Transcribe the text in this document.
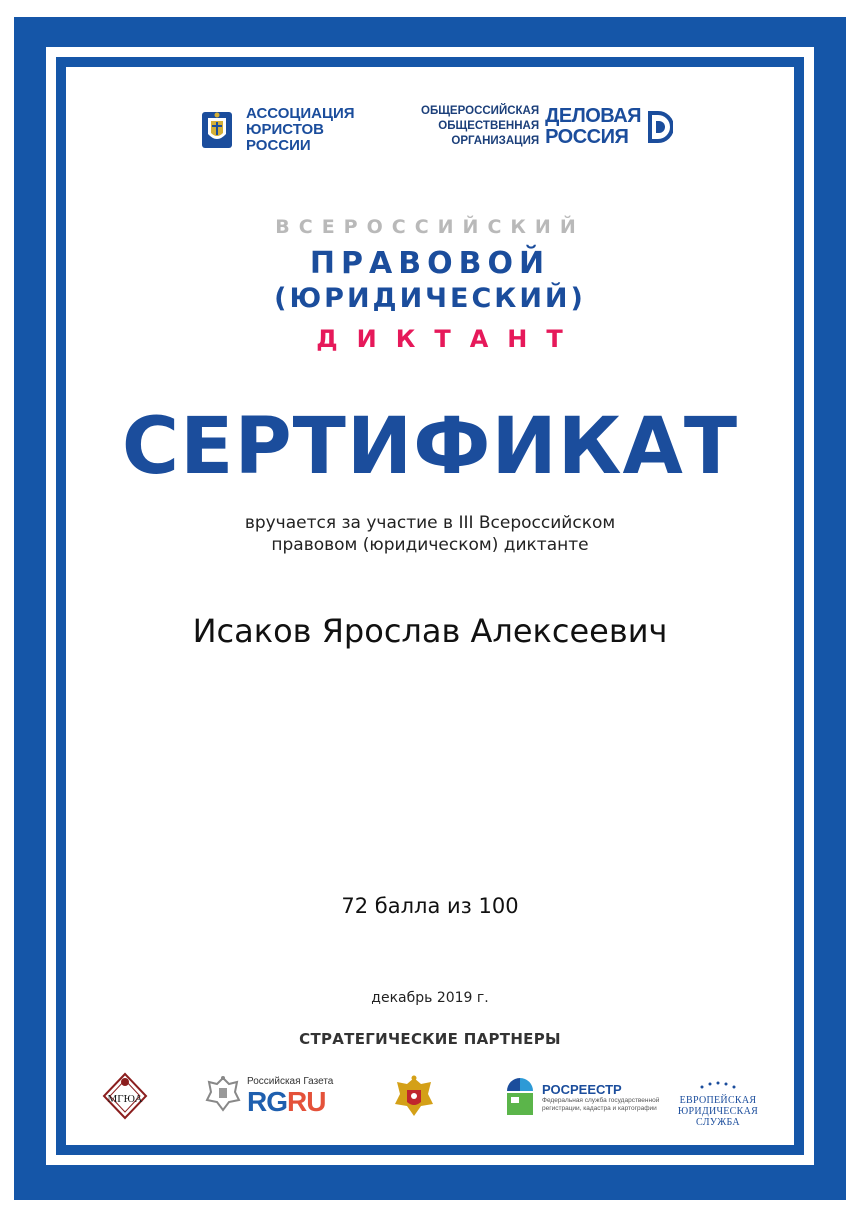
АССОЦИАЦИЯ
ЮРИСТОВ
РОССИИ
ОБЩЕРОССИЙСКАЯ
ОБЩЕСТВЕННАЯ
ОРГАНИЗАЦИЯ
ДЕЛОВАЯ
РОССИЯ
ВСЕРОССИЙСКИЙ
ПРАВОВОЙ
(ЮРИДИЧЕСКИЙ)
ДИКТАНТ
СЕРТИФИКАТ
вручается за участие в III Всероссийском
правовом (юридическом) диктанте
Исаков Ярослав Алексеевич
72 балла из 100
декабрь 2019 г.
СТРАТЕГИЧЕСКИЕ ПАРТНЕРЫ
МГЮА
Российская Газета
RGRU	РОСРЕЕСТР
Федеральная служба государственной регистрации, кадастра и картографии
ЕВРОПЕЙСКАЯ
ЮРИДИЧЕСКАЯ
СЛУЖБА
